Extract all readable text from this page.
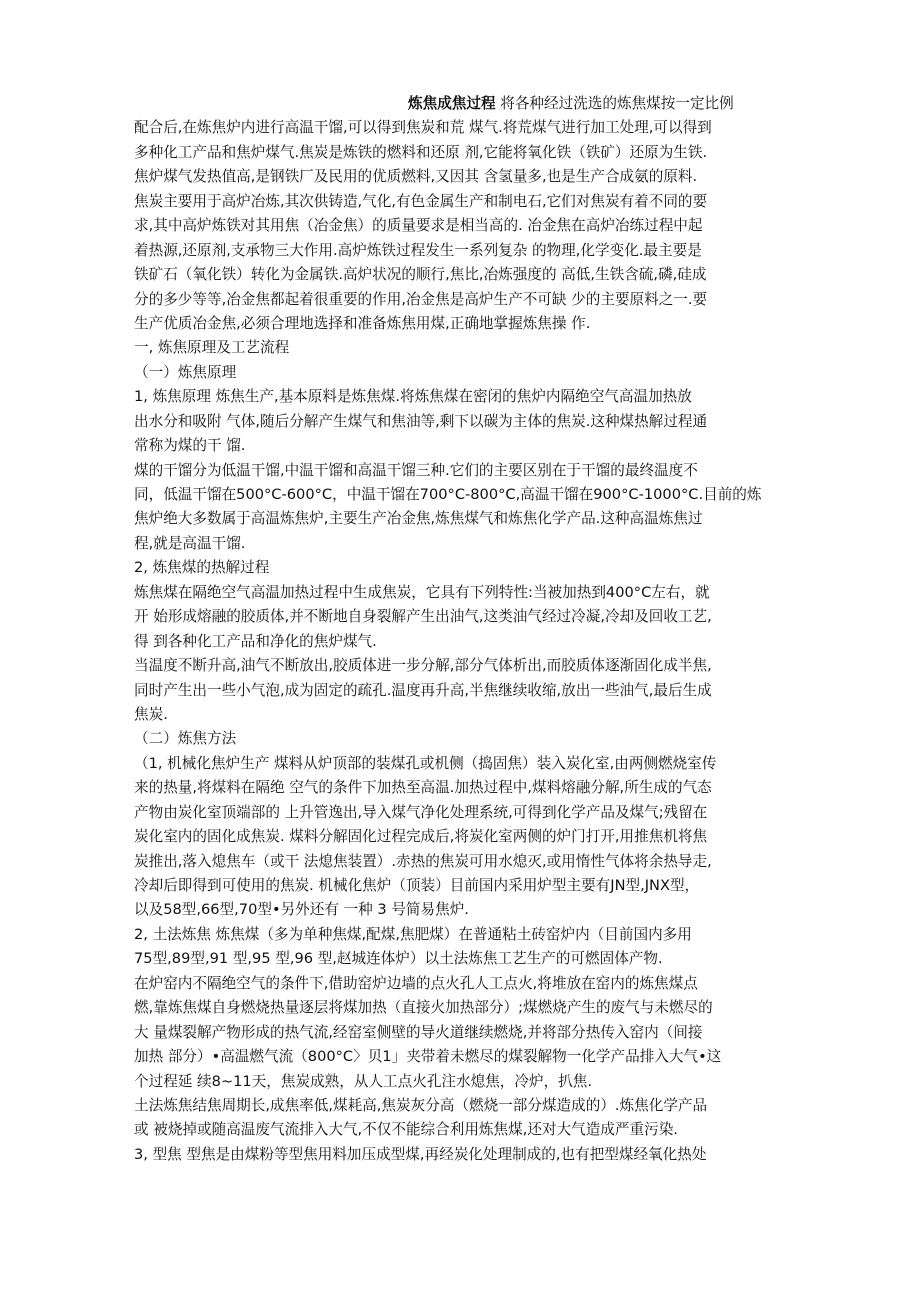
炼焦成焦过程 将各种经过洗选的炼焦煤按一定比例
配合后,在炼焦炉内进行高温干馏,可以得到焦炭和荒 煤气.将荒煤气进行加工处理,可以得到
多种化工产品和焦炉煤气.焦炭是炼铁的燃料和还原 剂,它能将氧化铁（铁矿）还原为生铁.
焦炉煤气发热值高,是钢铁厂及民用的优质燃料,又因其 含氢量多,也是生产合成氨的原料.
焦炭主要用于高炉冶炼,其次供铸造,气化,有色金属生产和制电石,它们对焦炭有着不同的要
求,其中高炉炼铁对其用焦（冶金焦）的质量要求是相当高的. 冶金焦在高炉冶练过程中起
着热源,还原剂,支承物三大作用.高炉炼铁过程发生一系列复杂 的物理,化学变化.最主要是
铁矿石（氧化铁）转化为金属铁.高炉状况的顺行,焦比,冶炼强度的 高低,生铁含硫,磷,硅成
分的多少等等,冶金焦都起着很重要的作用,冶金焦是高炉生产不可缺 少的主要原料之一.要
生产优质冶金焦,必须合理地选择和准备炼焦用煤,正确地掌握炼焦操 作.
一, 炼焦原理及工艺流程
（一）炼焦原理
1, 炼焦原理 炼焦生产,基本原料是炼焦煤.将炼焦煤在密闭的焦炉内隔绝空气高温加热放
出水分和吸附 气体,随后分解产生煤气和焦油等,剩下以碳为主体的焦炭.这种煤热解过程通
常称为煤的干 馏.
煤的干馏分为低温干馏,中温干馏和高温干馏三种.它们的主要区别在于干馏的最终温度不
同，低温干馏在500°C-600°C，中温干馏在700°C-800°C,高温干馏在900°C-1000°C.目前的炼
焦炉绝大多数属于高温炼焦炉,主要生产冶金焦,炼焦煤气和炼焦化学产品.这种高温炼焦过
程,就是高温干馏.
2, 炼焦煤的热解过程
炼焦煤在隔绝空气高温加热过程中生成焦炭，它具有下列特性:当被加热到400°C左右，就
开 始形成熔融的胶质体,并不断地自身裂解产生出油气,这类油气经过冷凝,冷却及回收工艺,
得 到各种化工产品和净化的焦炉煤气.
当温度不断升高,油气不断放出,胶质体进一步分解,部分气体析出,而胶质体逐渐固化成半焦,
同时产生出一些小气泡,成为固定的疏孔.温度再升高,半焦继续收缩,放出一些油气,最后生成
焦炭.
（二）炼焦方法
（1, 机械化焦炉生产 煤料从炉顶部的装煤孔或机侧（捣固焦）装入炭化室,由两侧燃烧室传
来的热量,将煤料在隔绝 空气的条件下加热至高温.加热过程中,煤料熔融分解,所生成的气态
产物由炭化室顶端部的 上升管逸出,导入煤气净化处理系统,可得到化学产品及煤气;残留在
炭化室内的固化成焦炭. 煤料分解固化过程完成后,将炭化室两侧的炉门打开,用推焦机将焦
炭推出,落入熄焦车（或干 法熄焦装置）.赤热的焦炭可用水熄灭,或用惰性气体将余热导走,
冷却后即得到可使用的焦炭. 机械化焦炉（顶装）目前国内采用炉型主要有JN型,JNX型，
以及58型,66型,70型•另外还有 一种 3 号简易焦炉.
2, 土法炼焦 炼焦煤（多为单种焦煤,配煤,焦肥煤）在普通粘土砖窑炉内（目前国内多用
75型,89型,91 型,95 型,96 型,赵城连体炉）以土法炼焦工艺生产的可燃固体产物.
在炉窑内不隔绝空气的条件下,借助窑炉边墙的点火孔人工点火,将堆放在窑内的炼焦煤点
燃,靠炼焦煤自身燃烧热量逐层将煤加热（直接火加热部分）;煤燃烧产生的废气与未燃尽的
大 量煤裂解产物形成的热气流,经窑室侧壁的导火道继续燃烧,并将部分热传入窑内（间接
加热 部分）•高温燃气流（800°C〉贝1」夹带着未燃尽的煤裂解物一化学产品排入大气•这
个过程延 续8~11天，焦炭成熟，从人工点火孔注水熄焦，冷炉，扒焦.
土法炼焦结焦周期长,成焦率低,煤耗高,焦炭灰分高（燃烧一部分煤造成的）.炼焦化学产品
或 被烧掉或随高温废气流排入大气,不仅不能综合利用炼焦煤,还对大气造成严重污染.
3, 型焦 型焦是由煤粉等型焦用料加压成型煤,再经炭化处理制成的,也有把型煤经氧化热处
